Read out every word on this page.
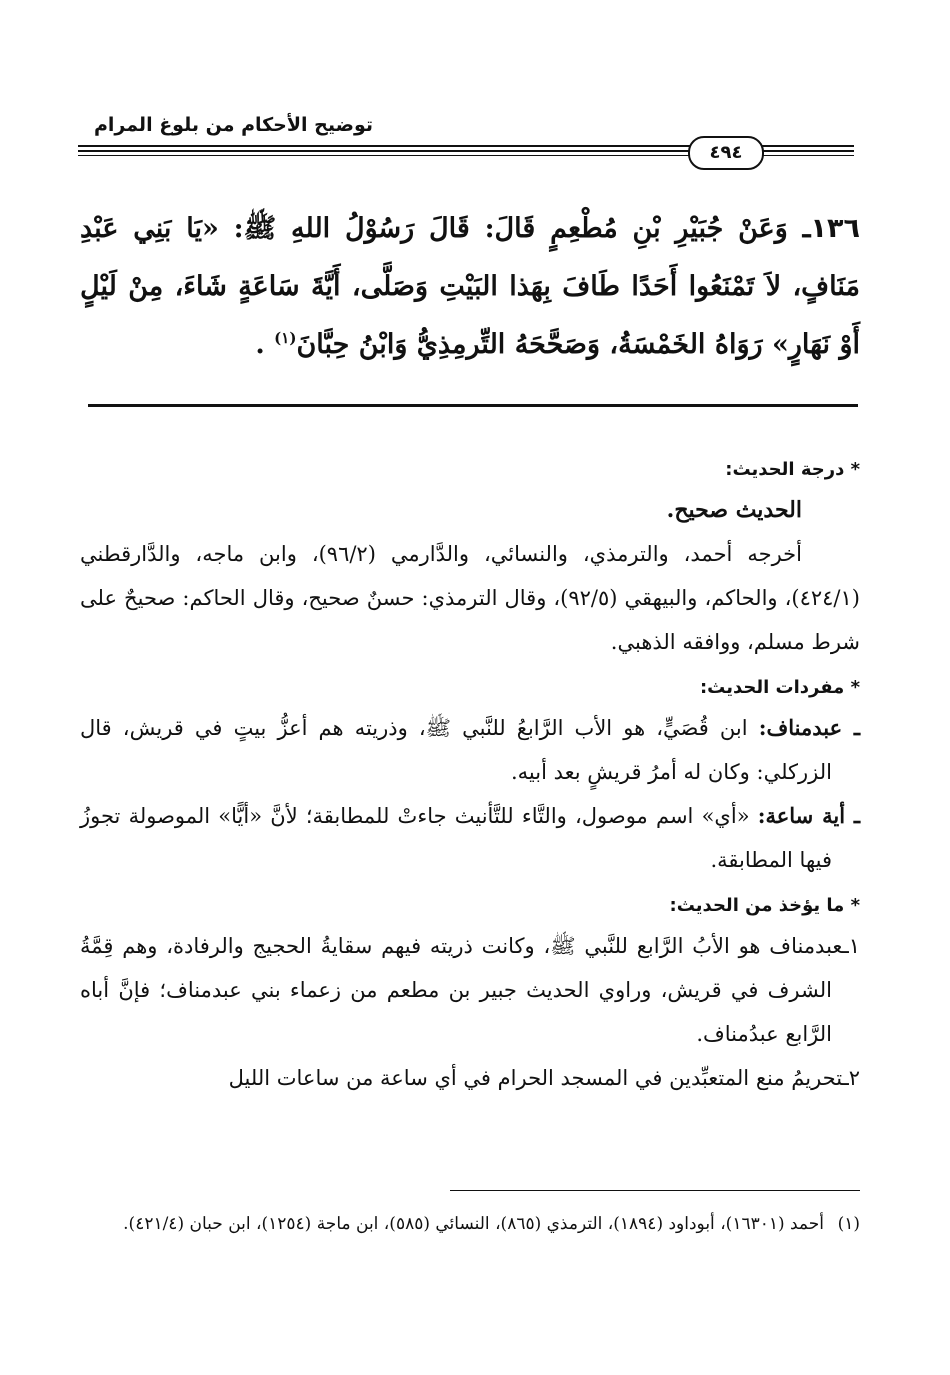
توضيح الأحكام من بلوغ المرام
٤٩٤
١٣٦ـ وَعَنْ جُبَيْرِ بْنِ مُطْعِمٍ قَالَ: قَالَ رَسُوْلُ اللهِ ﷺ: «يَا بَنِي عَبْدِ مَنَافٍ، لاَ تَمْنَعُوا أَحَدًا طَافَ بِهَذا البَيْتِ وَصَلَّى، أَيَّةَ سَاعَةٍ شَاءَ، مِنْ لَيْلٍ أَوْ نَهَارٍ» رَوَاهُ الخَمْسَةُ، وَصَحَّحَهُ التِّرمِذِيُّ وَابْنُ حِبَّانَ$^{(١)}$ .
* درجة الحديث:

الحديث صحيح.

أخرجه أحمد، والترمذي، والنسائي، والدَّارمي (٩٦/٢)، وابن ماجه، والدَّارقطني (٤٢٤/١)، والحاكم، والبيهقي (٩٢/٥)، وقال الترمذي: حسنٌ صحيح، وقال الحاكم: صحيحٌ على شرط مسلم، ووافقه الذهبي.

* مفردات الحديث:

ـ عبدمناف: ابن قُصَيٍّ، هو الأب الرَّابعُ للنَّبي ﷺ، وذريته هم أعزُّ بيتٍ في قريش، قال الزركلي: وكان له أمرُ قريشٍ بعد أبيه.

ـ أية ساعة: «أي» اسم موصول، والتَّاء للتَّأنيث جاءتْ للمطابقة؛ لأنَّ «أيًّا» الموصولة تجوزُ فيها المطابقة.

* ما يؤخذ من الحديث:

١ـعبدمناف هو الأبُ الرَّابع للنَّبي ﷺ، وكانت ذريته فيهم سقايةُ الحجيج والرفادة، وهم قِمَّةُ الشرف في قريش، وراوي الحديث جبير بن مطعم من زعماء بني عبدمناف؛ فإنَّ أباه الرَّابع عبدُمناف.

٢ـتحريمُ منع المتعبِّدين في المسجد الحرام في أي ساعة من ساعات الليل

(١)أحمد (١٦٣٠١)، أبوداود (١٨٩٤)، الترمذي (٨٦٥)، النسائي (٥٨٥)، ابن ماجة (١٢٥٤)، ابن حبان (٤٢١/٤).
